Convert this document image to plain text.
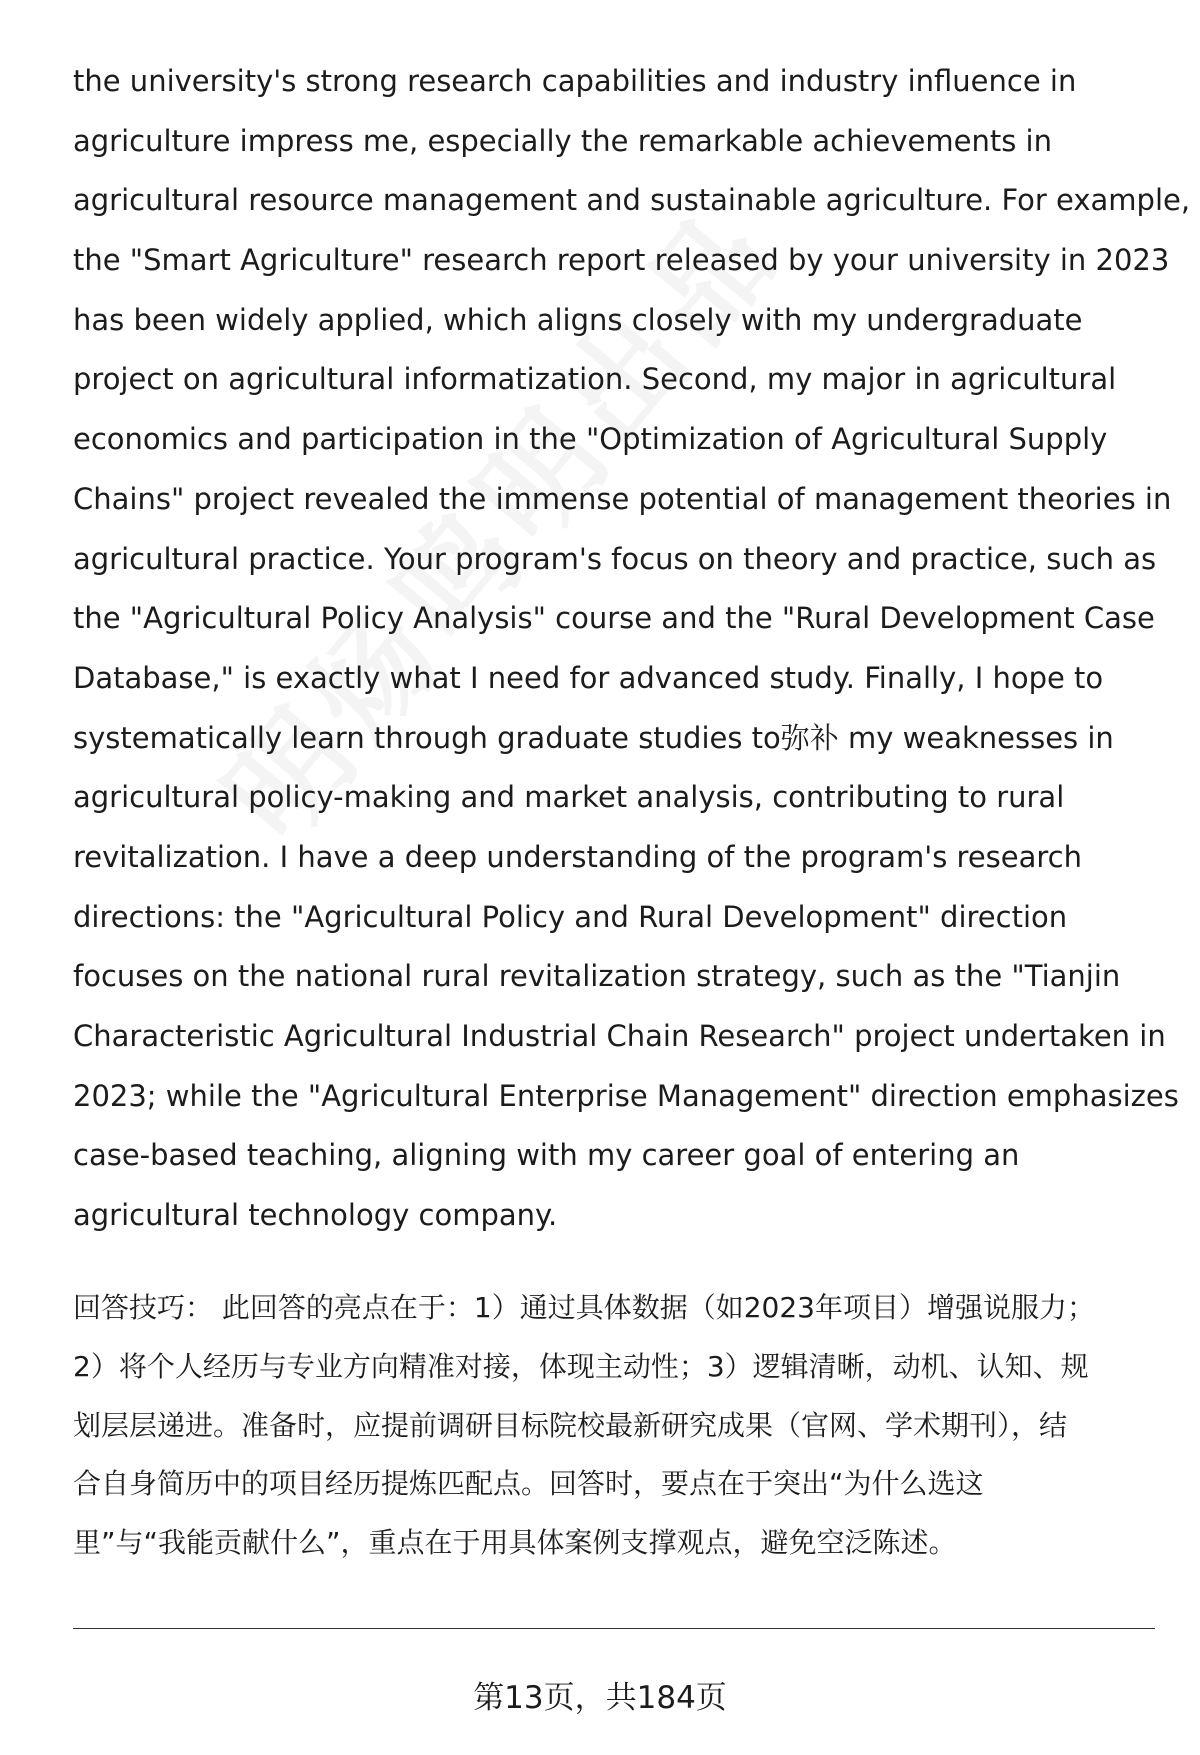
the university's strong research capabilities and industry influence in
agriculture impress me, especially the remarkable achievements in
agricultural resource management and sustainable agriculture. For example,
the "Smart Agriculture" research report released by your university in 2023
has been widely applied, which aligns closely with my undergraduate
project on agricultural informatization. Second, my major in agricultural
economics and participation in the "Optimization of Agricultural Supply
Chains" project revealed the immense potential of management theories in
agricultural practice. Your program's focus on theory and practice, such as
the "Agricultural Policy Analysis" course and the "Rural Development Case
Database," is exactly what I need for advanced study. Finally, I hope to
systematically learn through graduate studies to弥补 my weaknesses in
agricultural policy-making and market analysis, contributing to rural
revitalization. I have a deep understanding of the program's research
directions: the "Agricultural Policy and Rural Development" direction
focuses on the national rural revitalization strategy, such as the "Tianjin
Characteristic Agricultural Industrial Chain Research" project undertaken in
2023; while the "Agricultural Enterprise Management" direction emphasizes
case-based teaching, aligning with my career goal of entering an
agricultural technology company.
回答技巧： 此回答的亮点在于：1）通过具体数据（如2023年项目）增强说服力；
2）将个人经历与专业方向精准对接，体现主动性；3）逻辑清晰，动机、认知、规
划层层递进。准备时，应提前调研目标院校最新研究成果（官网、学术期刊），结
合自身简历中的项目经历提炼匹配点。回答时，要点在于突出“为什么选这
里”与“我能贡献什么”，重点在于用具体案例支撑观点，避免空泛陈述。
第13页，共184页
